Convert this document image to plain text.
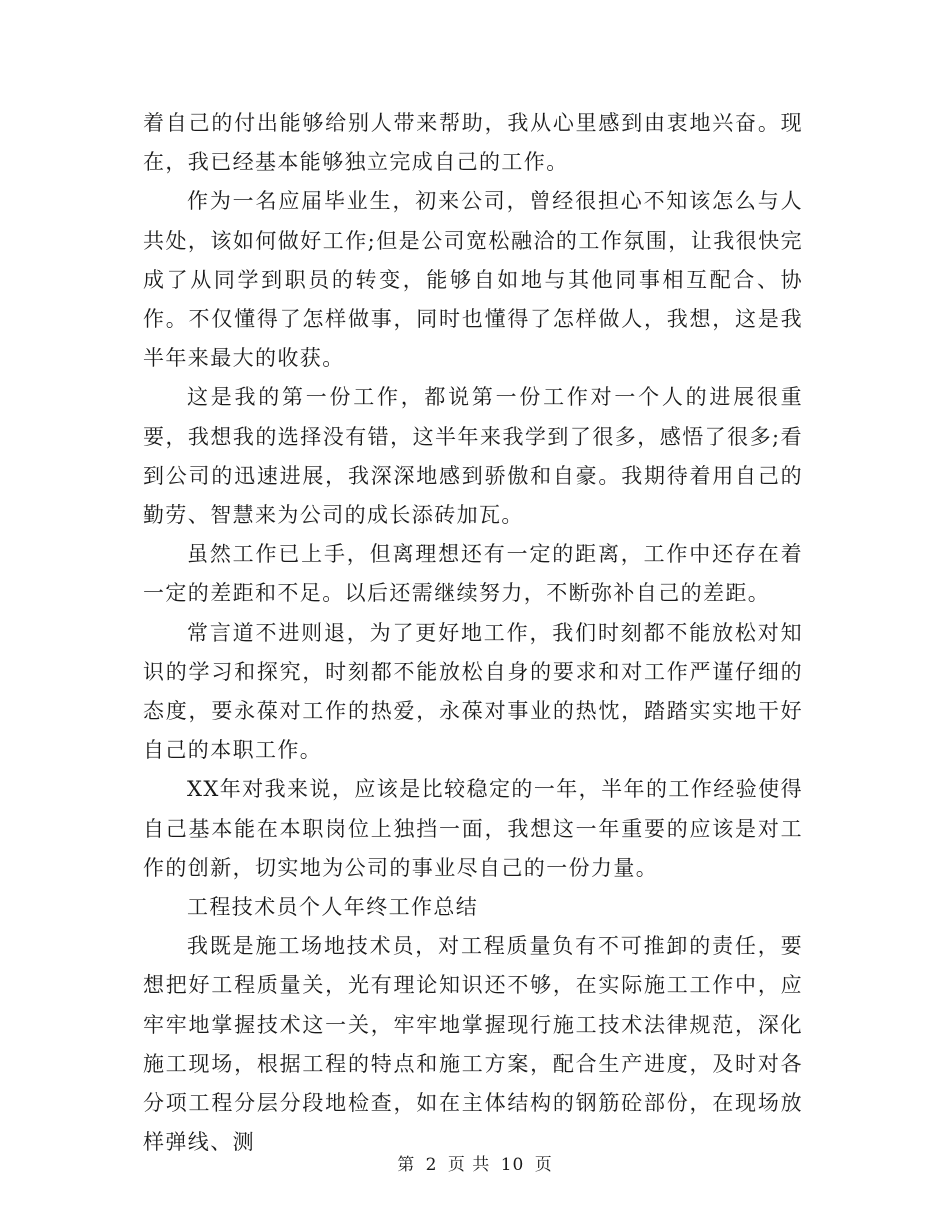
着自己的付出能够给别人带来帮助，我从心里感到由衷地兴奋。现在，我已经基本能够独立完成自己的工作。

作为一名应届毕业生，初来公司，曾经很担心不知该怎么与人共处，该如何做好工作;但是公司宽松融洽的工作氛围，让我很快完成了从同学到职员的转变，能够自如地与其他同事相互配合、协作。不仅懂得了怎样做事，同时也懂得了怎样做人，我想，这是我半年来最大的收获。

这是我的第一份工作，都说第一份工作对一个人的进展很重要，我想我的选择没有错，这半年来我学到了很多，感悟了很多;看到公司的迅速进展，我深深地感到骄傲和自豪。我期待着用自己的勤劳、智慧来为公司的成长添砖加瓦。

虽然工作已上手，但离理想还有一定的距离，工作中还存在着一定的差距和不足。以后还需继续努力，不断弥补自己的差距。

常言道不进则退，为了更好地工作，我们时刻都不能放松对知识的学习和探究，时刻都不能放松自身的要求和对工作严谨仔细的态度，要永葆对工作的热爱，永葆对事业的热忱，踏踏实实地干好自己的本职工作。

XX年对我来说，应该是比较稳定的一年，半年的工作经验使得自己基本能在本职岗位上独挡一面，我想这一年重要的应该是对工作的创新，切实地为公司的事业尽自己的一份力量。

工程技术员个人年终工作总结

我既是施工场地技术员，对工程质量负有不可推卸的责任，要想把好工程质量关，光有理论知识还不够，在实际施工工作中，应牢牢地掌握技术这一关，牢牢地掌握现行施工技术法律规范，深化施工现场，根据工程的特点和施工方案，配合生产进度，及时对各分项工程分层分段地检查，如在主体结构的钢筋砼部份，在现场放样弹线、测

第 2 页 共 10 页
